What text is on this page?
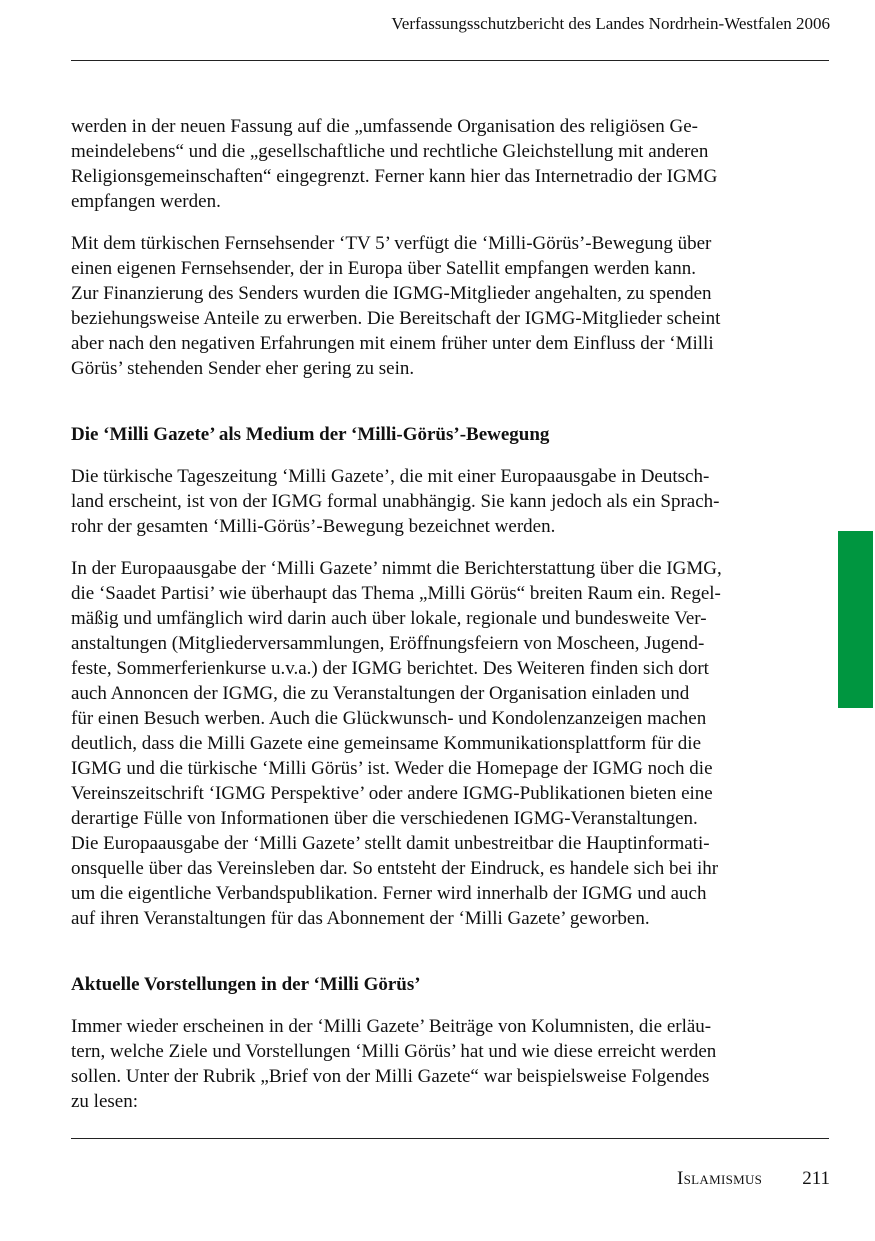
Verfassungsschutzbericht des Landes Nordrhein-Westfalen 2006

werden in der neuen Fassung auf die „umfassende Organisation des religiösen Ge-
meindelebens“ und die „gesellschaftliche und rechtliche Gleichstellung mit anderen
Religionsgemeinschaften“ eingegrenzt. Ferner kann hier das Internetradio der IGMG
empfangen werden.

Mit dem türkischen Fernsehsender ‘TV 5’ verfügt die ‘Milli-Görüs’-Bewegung über
einen eigenen Fernsehsender, der in Europa über Satellit empfangen werden kann.
Zur Finanzierung des Senders wurden die IGMG-Mitglieder angehalten, zu spenden
beziehungsweise Anteile zu erwerben. Die Bereitschaft der IGMG-Mitglieder scheint
aber nach den negativen Erfahrungen mit einem früher unter dem Einfluss der ‘Milli
Görüs’ stehenden Sender eher gering zu sein.

Die ‘Milli Gazete’ als Medium der ‘Milli-Görüs’-Bewegung

Die türkische Tageszeitung ‘Milli Gazete’, die mit einer Europaausgabe in Deutsch-
land erscheint, ist von der IGMG formal unabhängig. Sie kann jedoch als ein Sprach-
rohr der gesamten ‘Milli-Görüs’-Bewegung bezeichnet werden.

In der Europaausgabe der ‘Milli Gazete’ nimmt die Berichterstattung über die IGMG,
die ‘Saadet Partisi’ wie überhaupt das Thema „Milli Görüs“ breiten Raum ein. Regel-
mäßig und umfänglich wird darin auch über lokale, regionale und bundesweite Ver-
anstaltungen (Mitgliederversammlungen, Eröffnungsfeiern von Moscheen, Jugend-
feste, Sommerferienkurse u.v.a.) der IGMG berichtet. Des Weiteren finden sich dort
auch Annoncen der IGMG, die zu Veranstaltungen der Organisation einladen und
für einen Besuch werben. Auch die Glückwunsch- und Kondolenzanzeigen machen
deutlich, dass die Milli Gazete eine gemeinsame Kommunikationsplattform für die
IGMG und die türkische ‘Milli Görüs’ ist. Weder die Homepage der IGMG noch die
Vereinszeitschrift ‘IGMG Perspektive’ oder andere IGMG-Publikationen bieten eine
derartige Fülle von Informationen über die verschiedenen IGMG-Veranstaltungen.
Die Europaausgabe der ‘Milli Gazete’ stellt damit unbestreitbar die Hauptinformati-
onsquelle über das Vereinsleben dar. So entsteht der Eindruck, es handele sich bei ihr
um die eigentliche Verbandspublikation. Ferner wird innerhalb der IGMG und auch
auf ihren Veranstaltungen für das Abonnement der ‘Milli Gazete’ geworben.

Aktuelle Vorstellungen in der ‘Milli Görüs’

Immer wieder erscheinen in der ‘Milli Gazete’ Beiträge von Kolumnisten, die erläu-
tern, welche Ziele und Vorstellungen ‘Milli Görüs’ hat und wie diese erreicht werden
sollen. Unter der Rubrik „Brief von der Milli Gazete“ war beispielsweise Folgendes
zu lesen:

Islamismus 211
